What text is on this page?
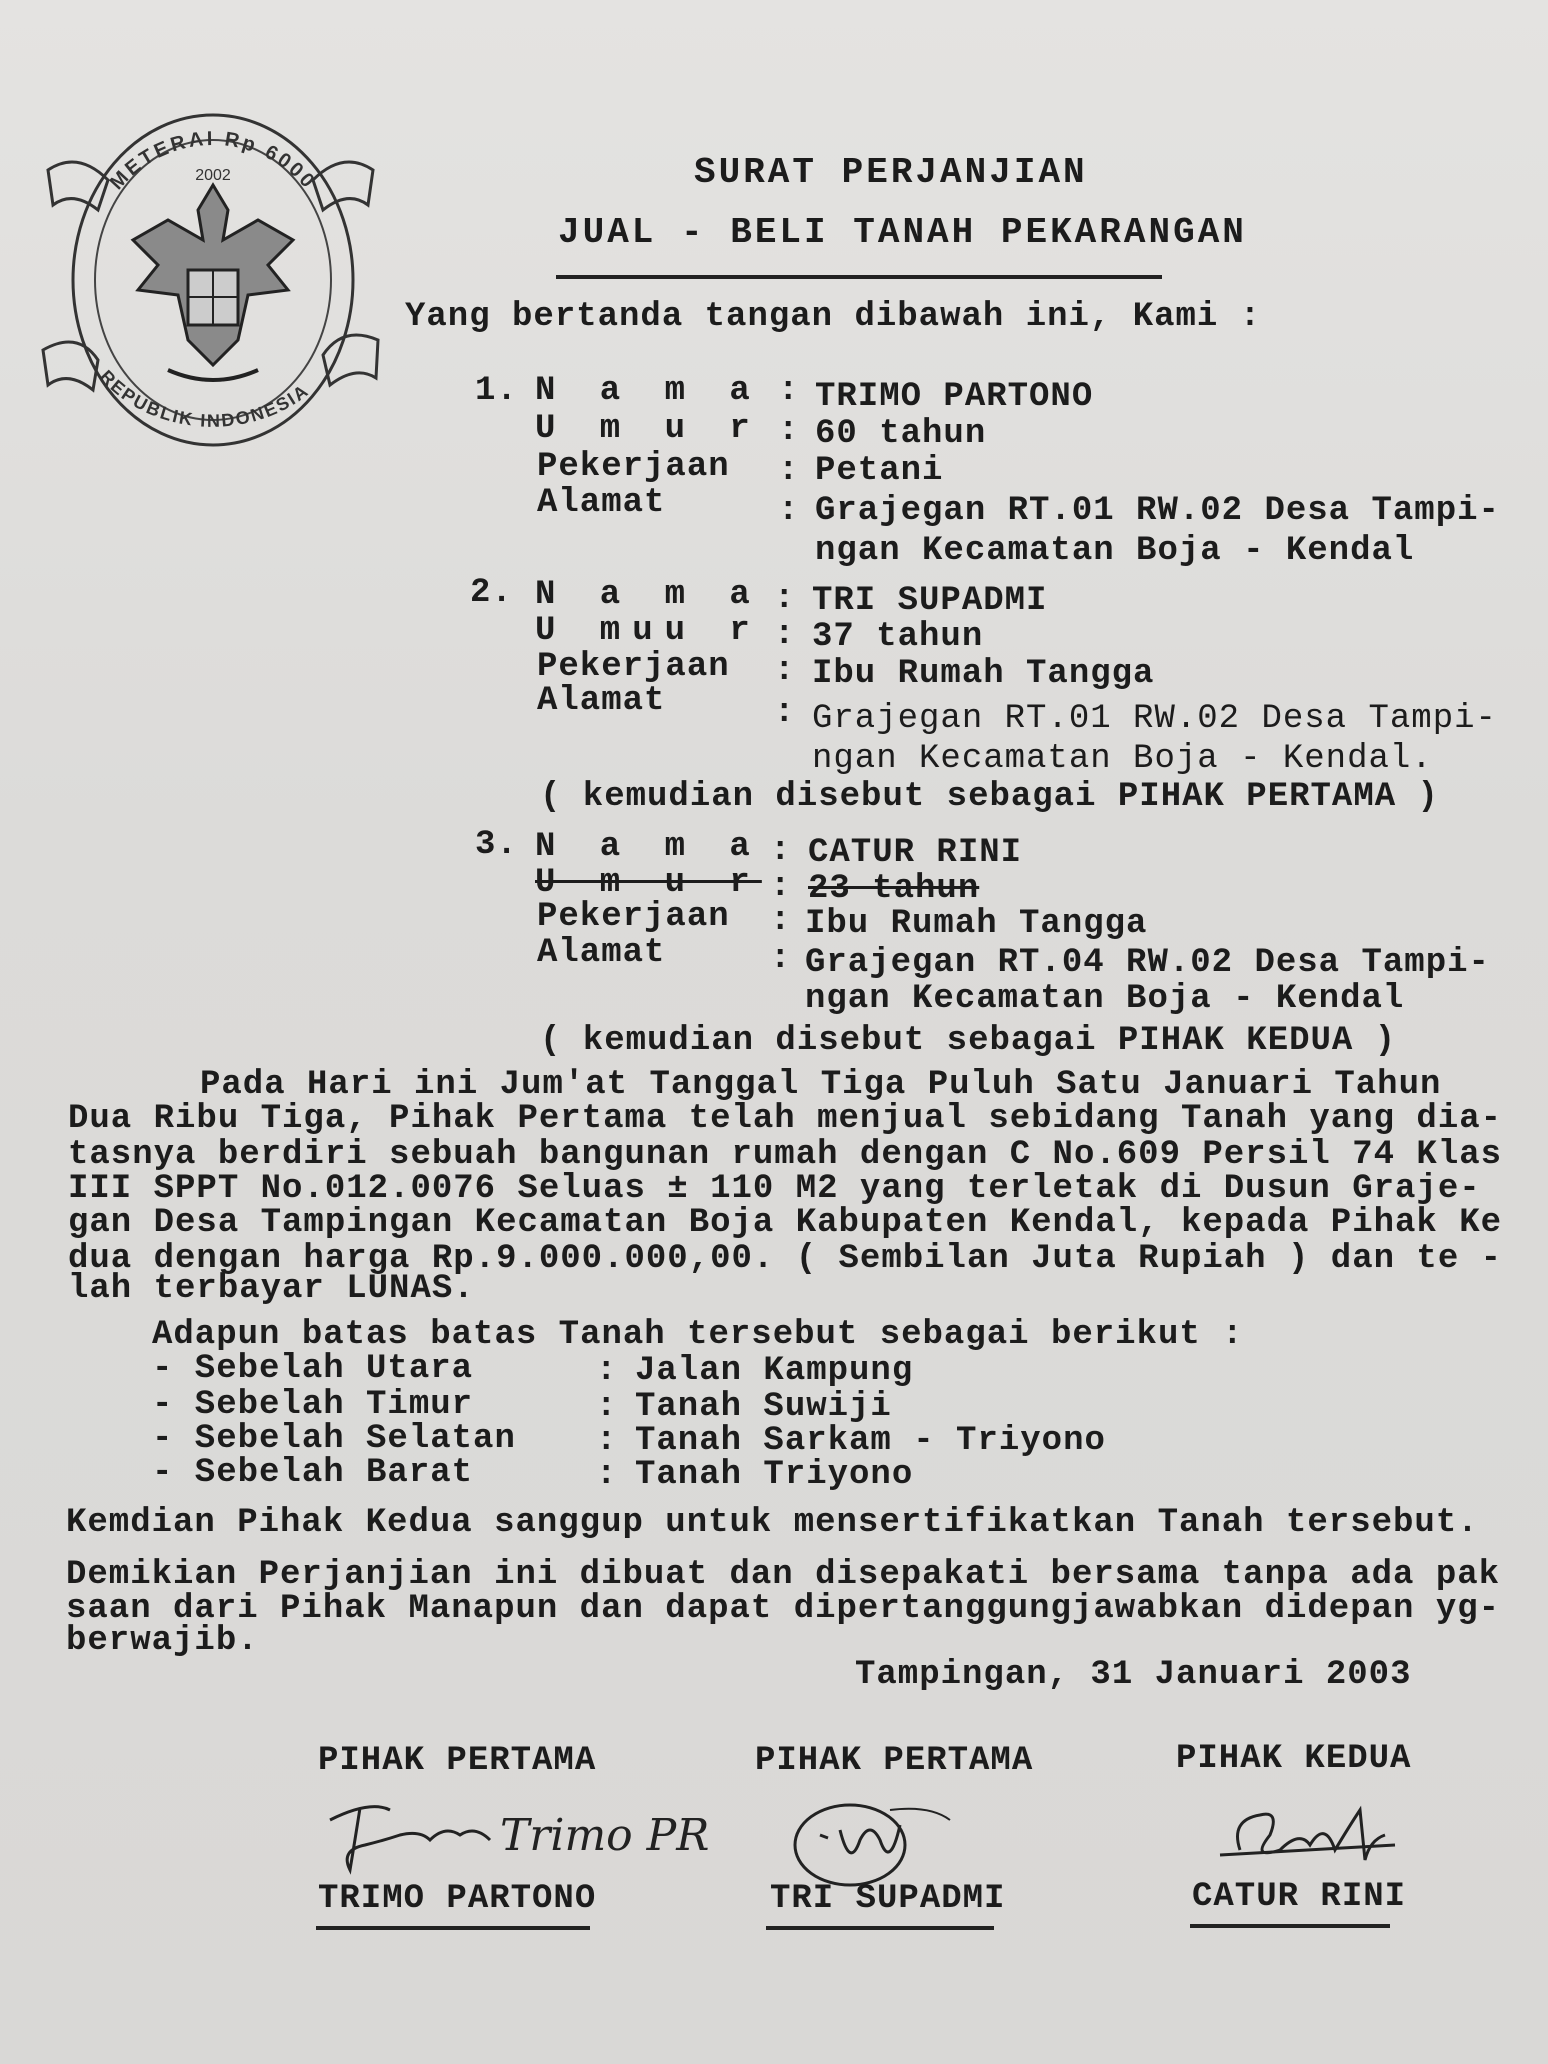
2002
METERAI Rp 6000
REPUBLIK INDONESIA
SURAT PERJANJIAN
JUAL - BELI TANAH PEKARANGAN
Yang bertanda tangan dibawah ini, Kami :
1. N a m a : TRIMO PARTONO
U m u r : 60 tahun
Pekerjaan : Petani
Alamat	: Grajegan RT.01 RW.02 Desa Tampi-
ngan Kecamatan Boja - Kendal
2. N a m a : TRI SUPADMI
U muu r : 37 tahun
Pekerjaan : Ibu Rumah Tangga
Alamat	: Grajegan RT.01 RW.02 Desa Tampi-
ngan Kecamatan Boja - Kendal.
( kemudian disebut sebagai PIHAK PERTAMA )
3. N a m a : CATUR RINI
U m u r : 23 tahun
Pekerjaan : Ibu Rumah Tangga
Alamat	: Grajegan RT.04 RW.02 Desa Tampi-
ngan Kecamatan Boja - Kendal
( kemudian disebut sebagai PIHAK KEDUA )
Pada Hari ini Jum'at Tanggal Tiga Puluh Satu Januari Tahun
Dua Ribu Tiga, Pihak Pertama telah menjual sebidang Tanah yang dia-
tasnya berdiri sebuah bangunan rumah dengan C No.609 Persil 74 Klas
III SPPT No.012.0076 Seluas ± 110 M2 yang terletak di Dusun Graje-
gan Desa Tampingan Kecamatan Boja Kabupaten Kendal, kepada Pihak Ke
dua dengan harga Rp.9.000.000,00. ( Sembilan Juta Rupiah ) dan te -
lah terbayar LUNAS.
Adapun batas batas Tanah tersebut sebagai berikut :
- Sebelah Utara	: Jalan Kampung
- Sebelah Timur	: Tanah Suwiji
- Sebelah Selatan : Tanah Sarkam - Triyono
- Sebelah Barat	: Tanah Triyono
Kemdian Pihak Kedua sanggup untuk mensertifikatkan Tanah tersebut.
Demikian Perjanjian ini dibuat dan disepakati bersama tanpa ada pak
saan dari Pihak Manapun dan dapat dipertanggungjawabkan didepan yg-
berwajib.
Tampingan, 31 Januari 2003
PIHAK PERTAMA
Trimo PR
TRIMO PARTONO
PIHAK PERTAMA
TRI SUPADMI
PIHAK KEDUA
CATUR RINI
